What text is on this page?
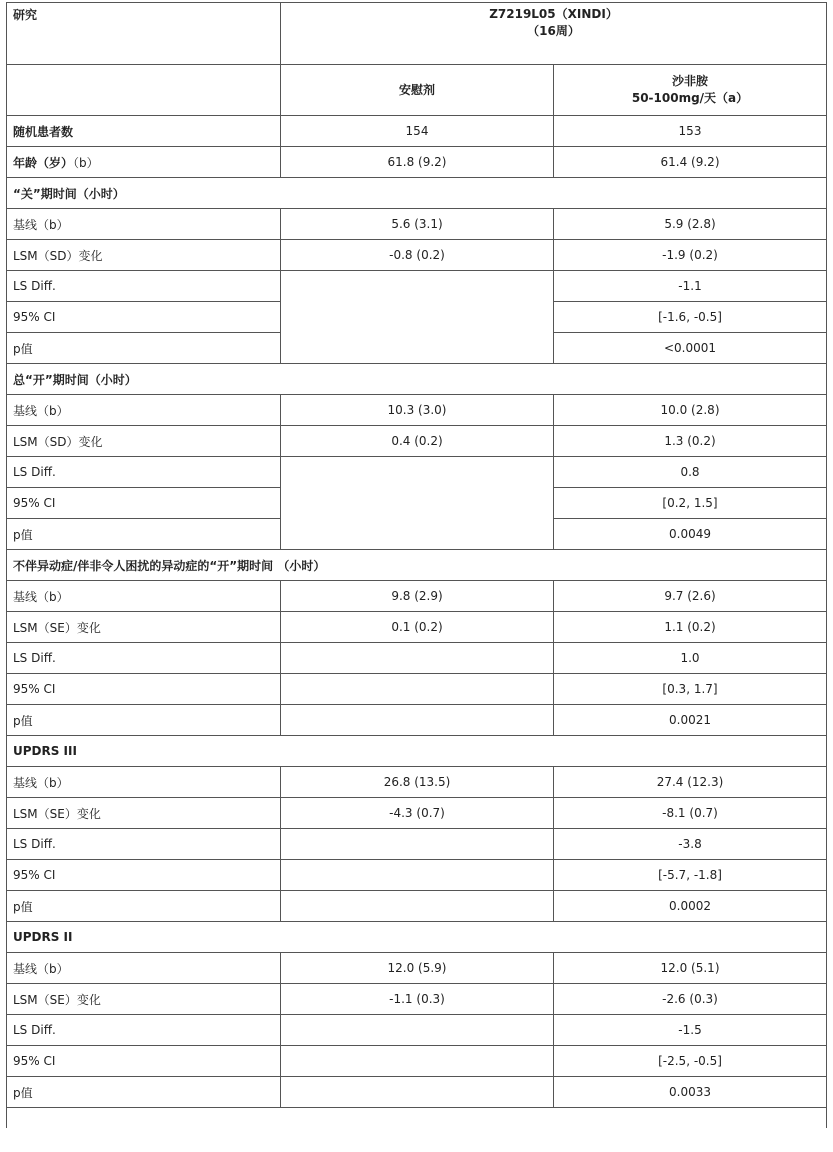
研究	Z7219L05（XINDI）
（16周）	

	安慰剂	沙非胺
50-100mg/天（a）

随机患者数	154	153
年龄（岁）（b）	61.8 (9.2)	61.4 (9.2)
“关”期时间（小时）		
基线（b）	5.6 (3.1)	5.9 (2.8)
LSM（SD）变化	-0.8 (0.2)	-1.9 (0.2)
LS Diff.		-1.1
95% CI		[-1.6, -0.5]
p值		<0.0001
总“开”期时间（小时）		
基线（b）	10.3 (3.0)	10.0 (2.8)
LSM（SD）变化	0.4 (0.2)	1.3 (0.2)
LS Diff.		0.8
95% CI		[0.2, 1.5]
p值		0.0049
不伴异动症/伴非令人困扰的异动症的“开”期时间 （小时）		
基线（b）	9.8 (2.9)	9.7 (2.6)
LSM（SE）变化	0.1 (0.2)	1.1 (0.2)
LS Diff.		1.0
95% CI		[0.3, 1.7]
p值		0.0021
UPDRS III		
基线（b）	26.8 (13.5)	27.4 (12.3)
LSM（SE）变化	-4.3 (0.7)	-8.1 (0.7)
LS Diff.		-3.8
95% CI		[-5.7, -1.8]
p值		0.0002
UPDRS II		
基线（b）	12.0 (5.9)	12.0 (5.1)
LSM（SE）变化	-1.1 (0.3)	-2.6 (0.3)
LS Diff.		-1.5
95% CI		[-2.5, -0.5]
p值		0.0033
